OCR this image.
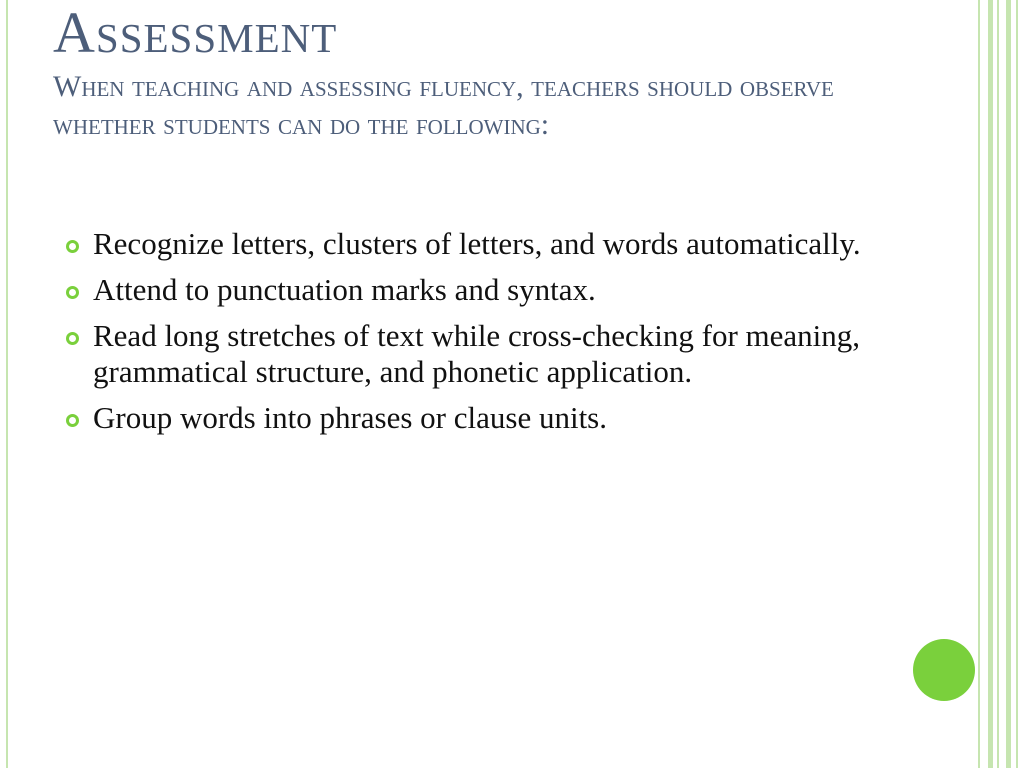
Assessment
When teaching and assessing fluency, teachers should observe whether students can do the following:
Recognize letters, clusters of letters, and words automatically.
Attend to punctuation marks and syntax.
Read long stretches of text while cross-checking for meaning, grammatical structure, and phonetic application.
Group words into phrases or clause units.
